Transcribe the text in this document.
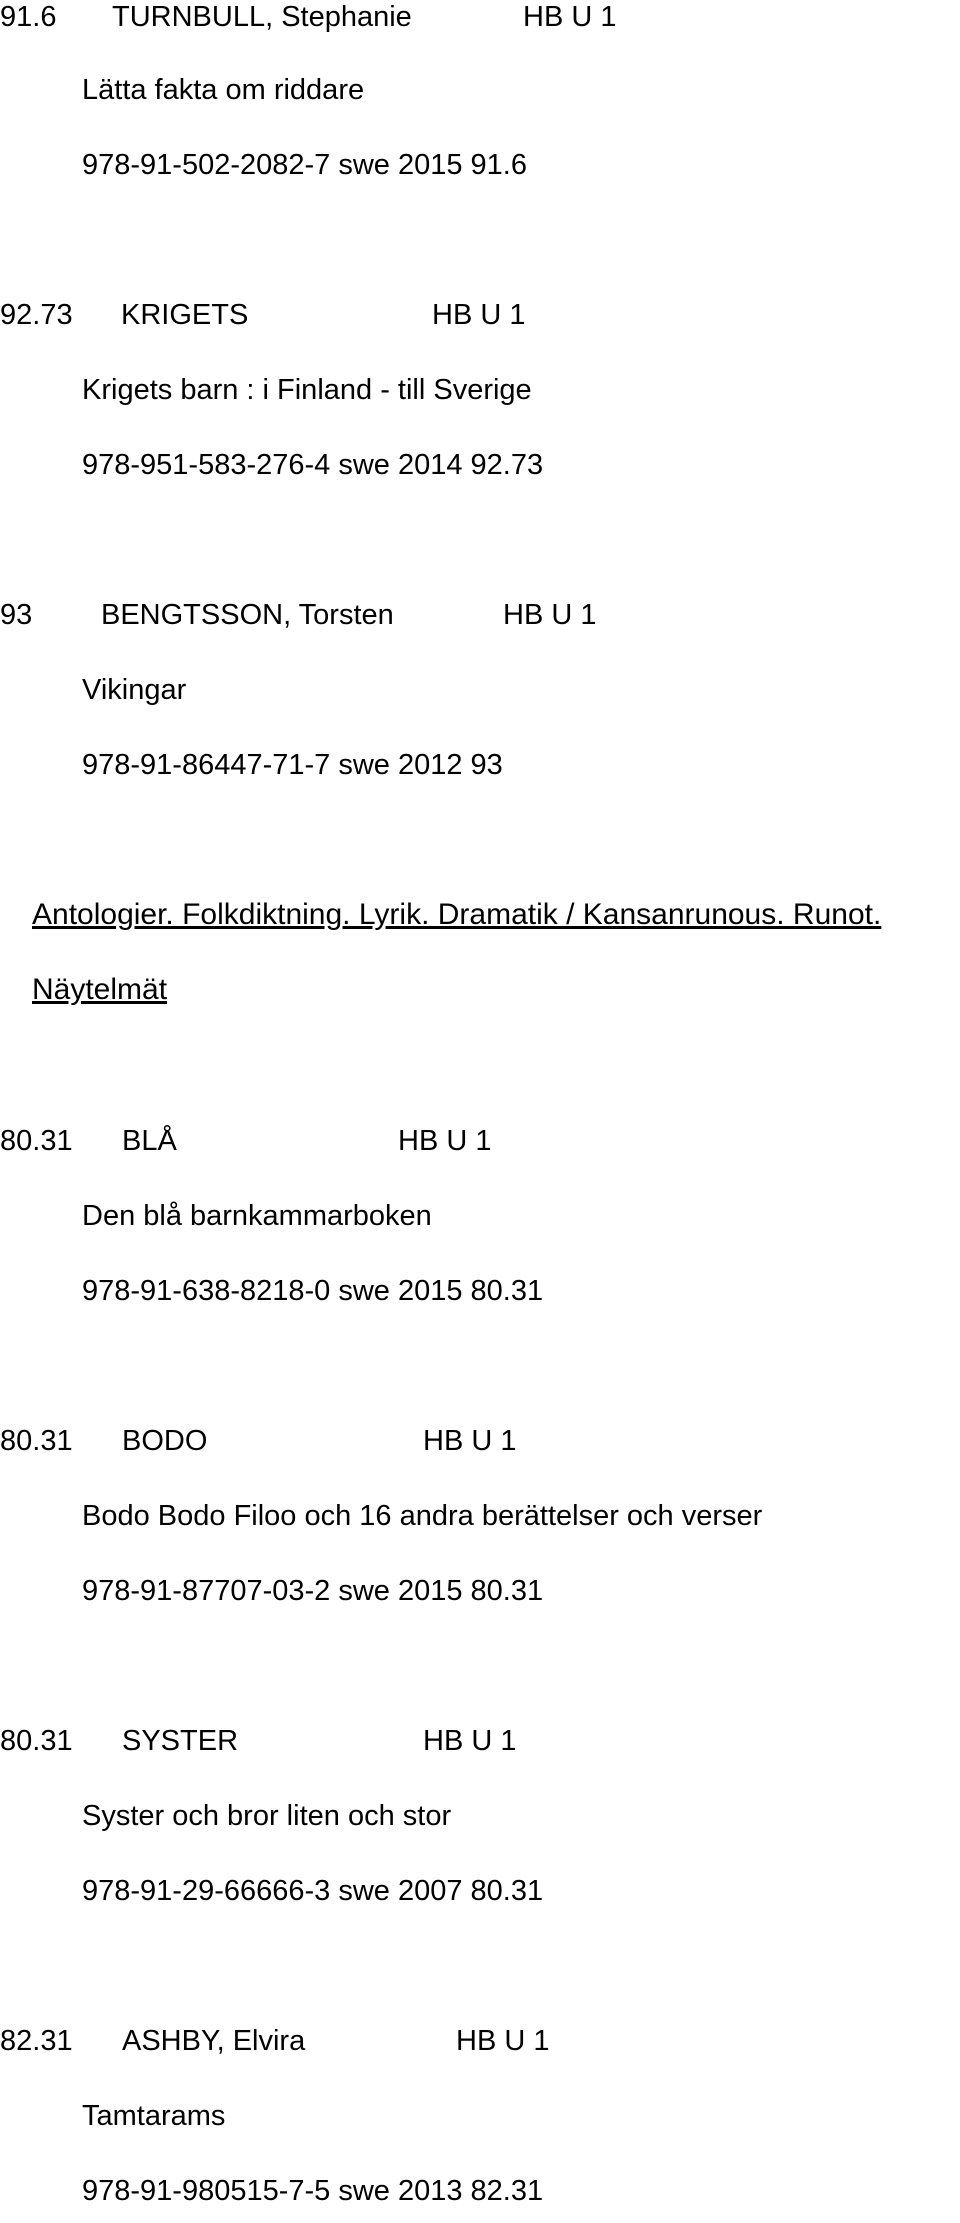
91.6 TURNBULL, Stephanie	HB U 1
Lätta fakta om riddare
978-91-502-2082-7 swe 2015 91.6
92.73 KRIGETS	HB U 1
Krigets barn : i Finland - till Sverige
978-951-583-276-4 swe 2014 92.73
93 BENGTSSON, Torsten	HB U 1
Vikingar
978-91-86447-71-7 swe 2012 93
Antologier. Folkdiktning. Lyrik. Dramatik / Kansanrunous. Runot.
Näytelmät
80.31 BLÅ	HB U 1
Den blå barnkammarboken
978-91-638-8218-0 swe 2015 80.31
80.31 BODO	HB U 1
Bodo Bodo Filoo och 16 andra berättelser och verser
978-91-87707-03-2 swe 2015 80.31
80.31 SYSTER	HB U 1
Syster och bror liten och stor
978-91-29-66666-3 swe 2007 80.31
82.31 ASHBY, Elvira	HB U 1
Tamtarams
978-91-980515-7-5 swe 2013 82.31
